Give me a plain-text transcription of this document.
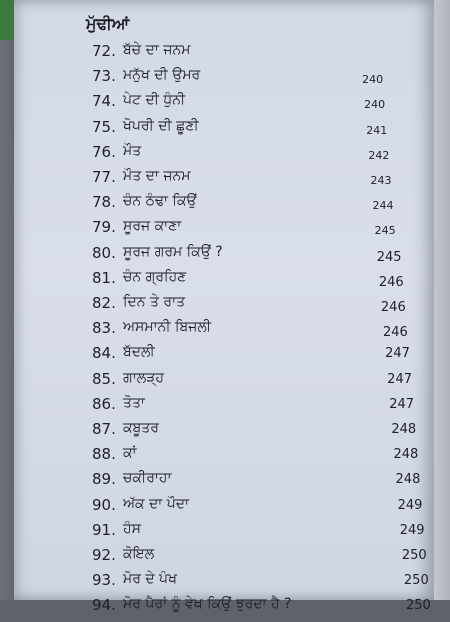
ਮੁੱਢੀਆਂ
72. ਬੱਚੇ ਦਾ ਜਨਮ
73. ਮਨੁੱਖ ਦੀ ਉਮਰ	240
74. ਪੇਟ ਦੀ ਧੁੰਨੀ	240
75. ਖੋਪਰੀ ਦੀ ਛੂਣੀ	241
76. ਮੌਤ	242
77. ਮੌਤ ਦਾ ਜਨਮ	243
78. ਚੰਨ ਠੰਢਾ ਕਿਉਂ	244
79. ਸੂਰਜ ਕਾਣਾ	245
80. ਸੂਰਜ ਗਰਮ ਕਿਉਂ ?	245
81. ਚੰਨ ਗ੍ਰਹਿਣ	246
82. ਦਿਨ ਤੇ ਰਾਤ	246
83. ਅਸਮਾਨੀ ਬਿਜਲੀ	246
84. ਬੱਦਲੀ	247
85. ਗਾਲੜ੍ਹ	247
86. ਤੋਤਾ	247
87. ਕਬੂਤਰ	248
88. ਕਾਂ	248
89. ਚਕੀਰਾਹਾ	248
90. ਅੱਕ ਦਾ ਪੌਦਾ	249
91. ਹੰਸ	249
92. ਕੋਇਲ	250
93. ਮੋਰ ਦੇ ਪੰਖ	250
94. ਮੋਰ ਪੈਰਾਂ ਨੂੰ ਵੇਖ ਕਿਉਂ ਝੁਰਦਾ ਹੈ ?	250
